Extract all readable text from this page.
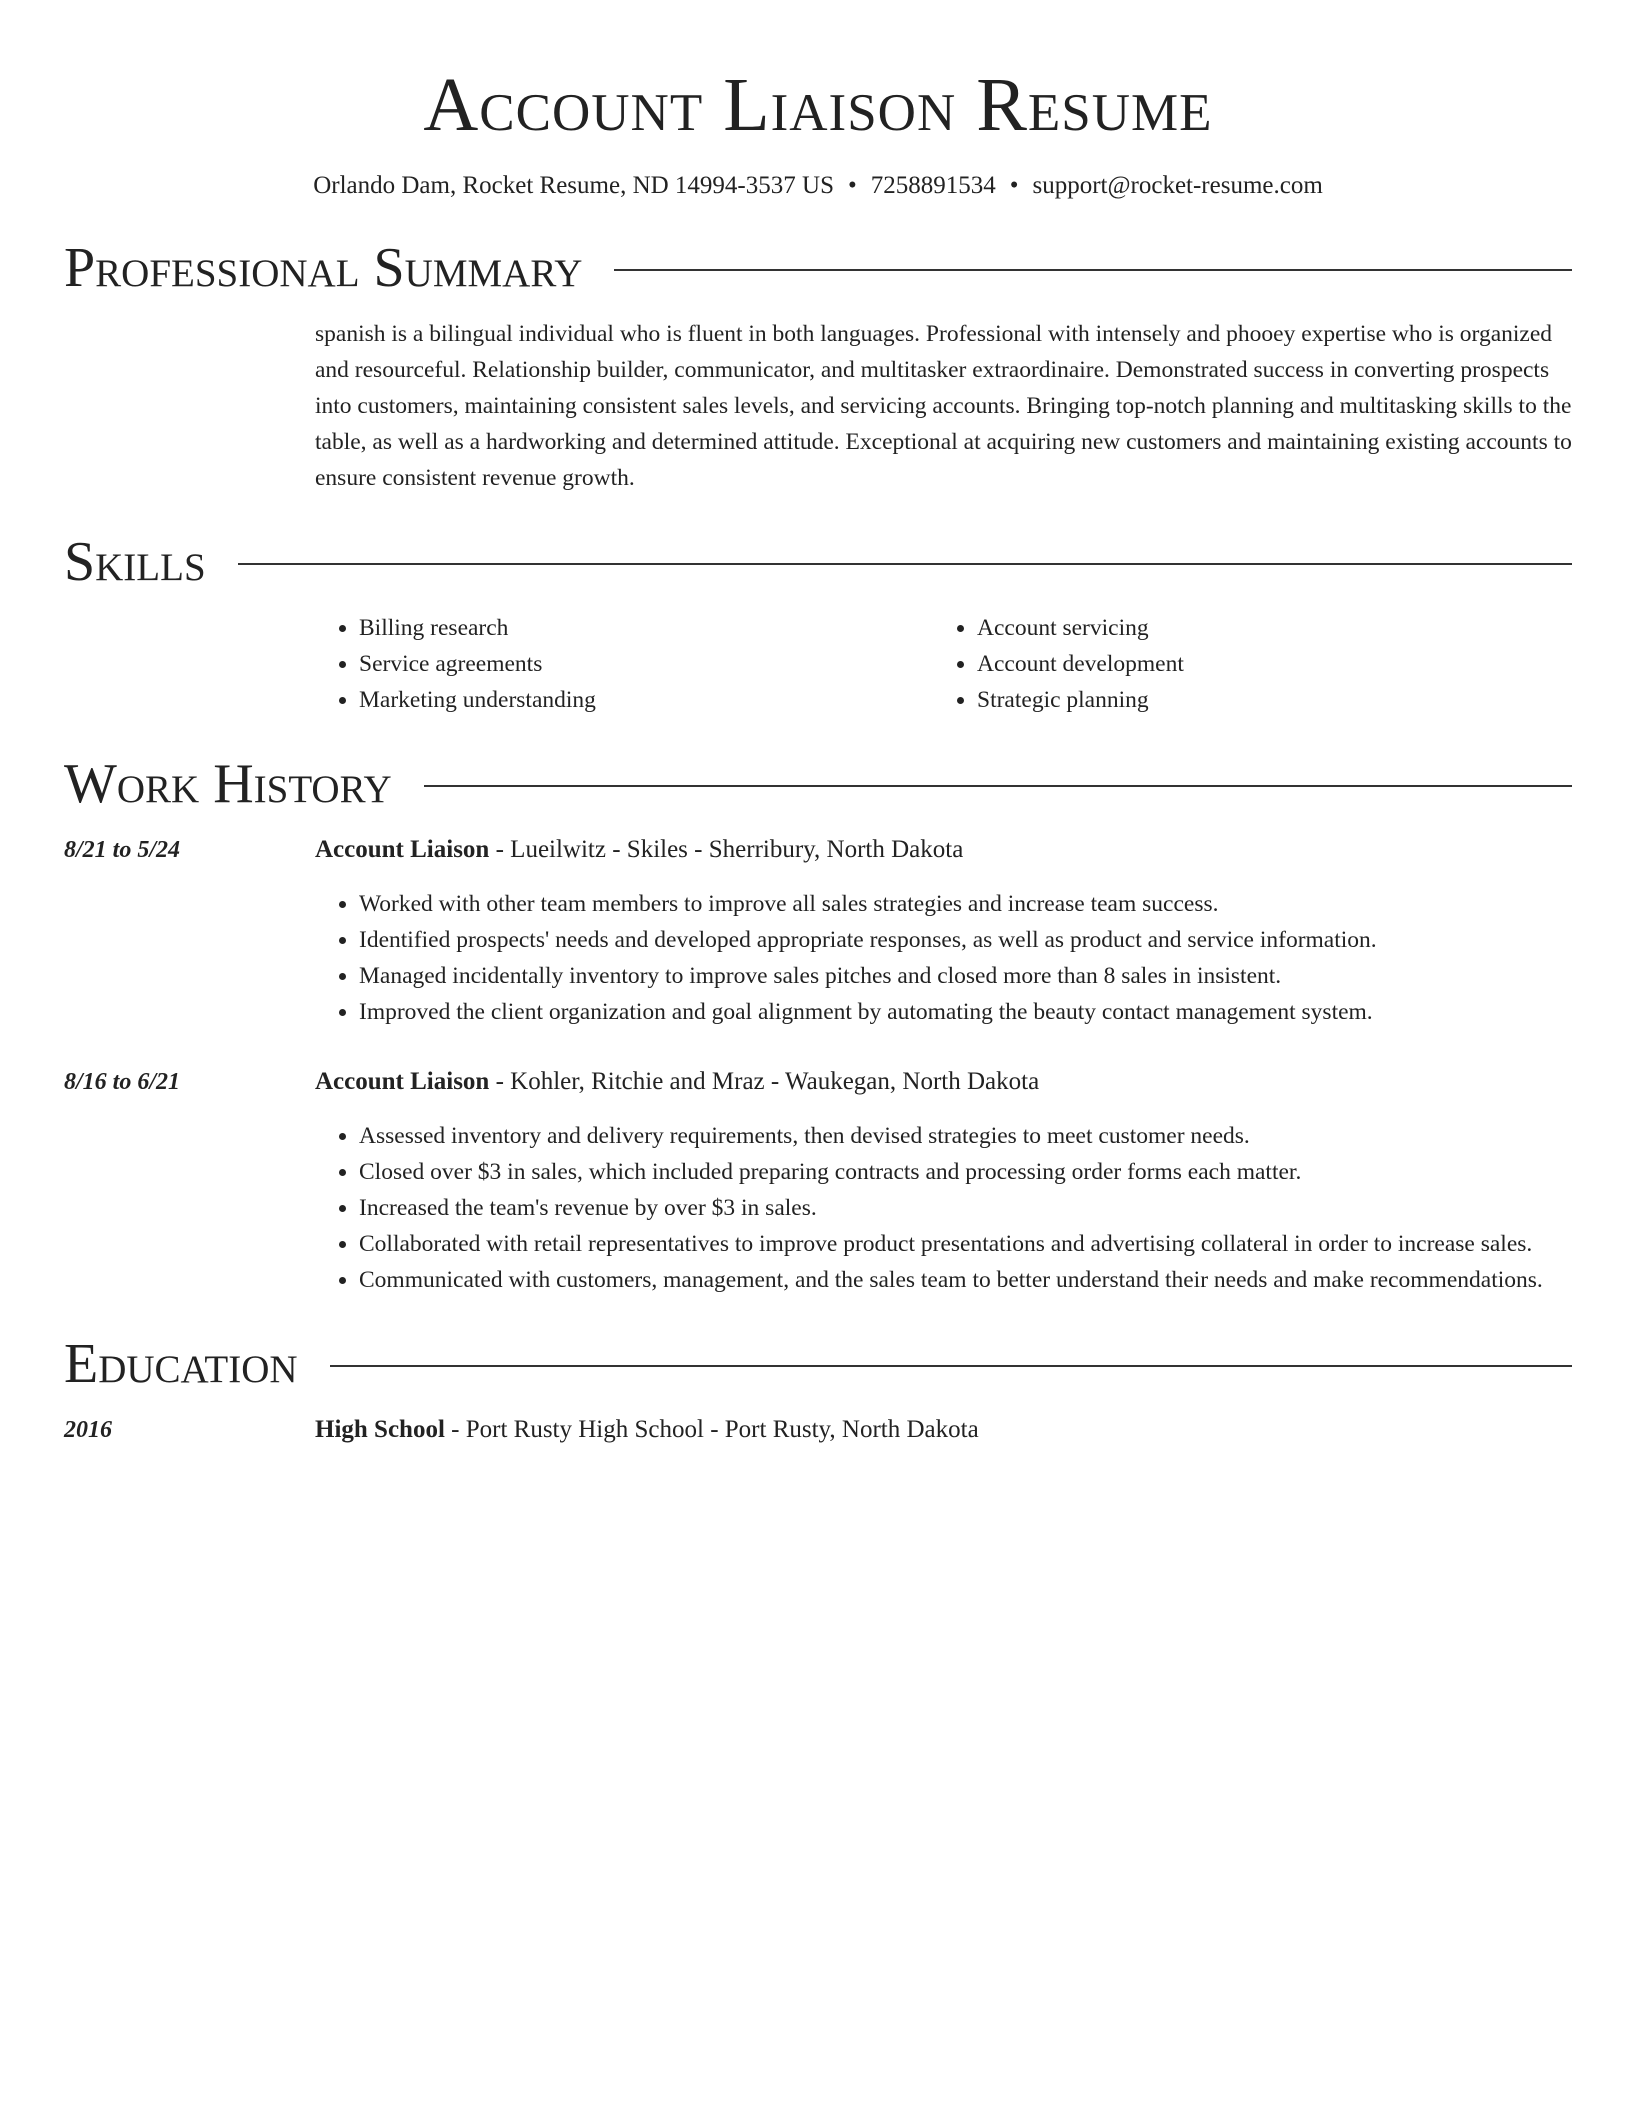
Account Liaison Resume
Orlando Dam, Rocket Resume, ND 14994-3537 US • 7258891534 • support@rocket-resume.com
Professional Summary
spanish is a bilingual individual who is fluent in both languages. Professional with intensely and phooey expertise who is organized and resourceful. Relationship builder, communicator, and multitasker extraordinaire. Demonstrated success in converting prospects into customers, maintaining consistent sales levels, and servicing accounts. Bringing top-notch planning and multitasking skills to the table, as well as a hardworking and determined attitude. Exceptional at acquiring new customers and maintaining existing accounts to ensure consistent revenue growth.
Skills
• Billing research
• Service agreements
• Marketing understanding
• Account servicing
• Account development
• Strategic planning
Work History
8/21 to 5/24	Account Liaison - Lueilwitz - Skiles - Sherribury, North Dakota
• Worked with other team members to improve all sales strategies and increase team success.
• Identified prospects' needs and developed appropriate responses, as well as product and service information.
• Managed incidentally inventory to improve sales pitches and closed more than 8 sales in insistent.
• Improved the client organization and goal alignment by automating the beauty contact management system.
8/16 to 6/21	Account Liaison - Kohler, Ritchie and Mraz - Waukegan, North Dakota
• Assessed inventory and delivery requirements, then devised strategies to meet customer needs.
• Closed over $3 in sales, which included preparing contracts and processing order forms each matter.
• Increased the team's revenue by over $3 in sales.
• Collaborated with retail representatives to improve product presentations and advertising collateral in order to increase sales.
• Communicated with customers, management, and the sales team to better understand their needs and make recommendations.
Education
2016	High School - Port Rusty High School - Port Rusty, North Dakota
